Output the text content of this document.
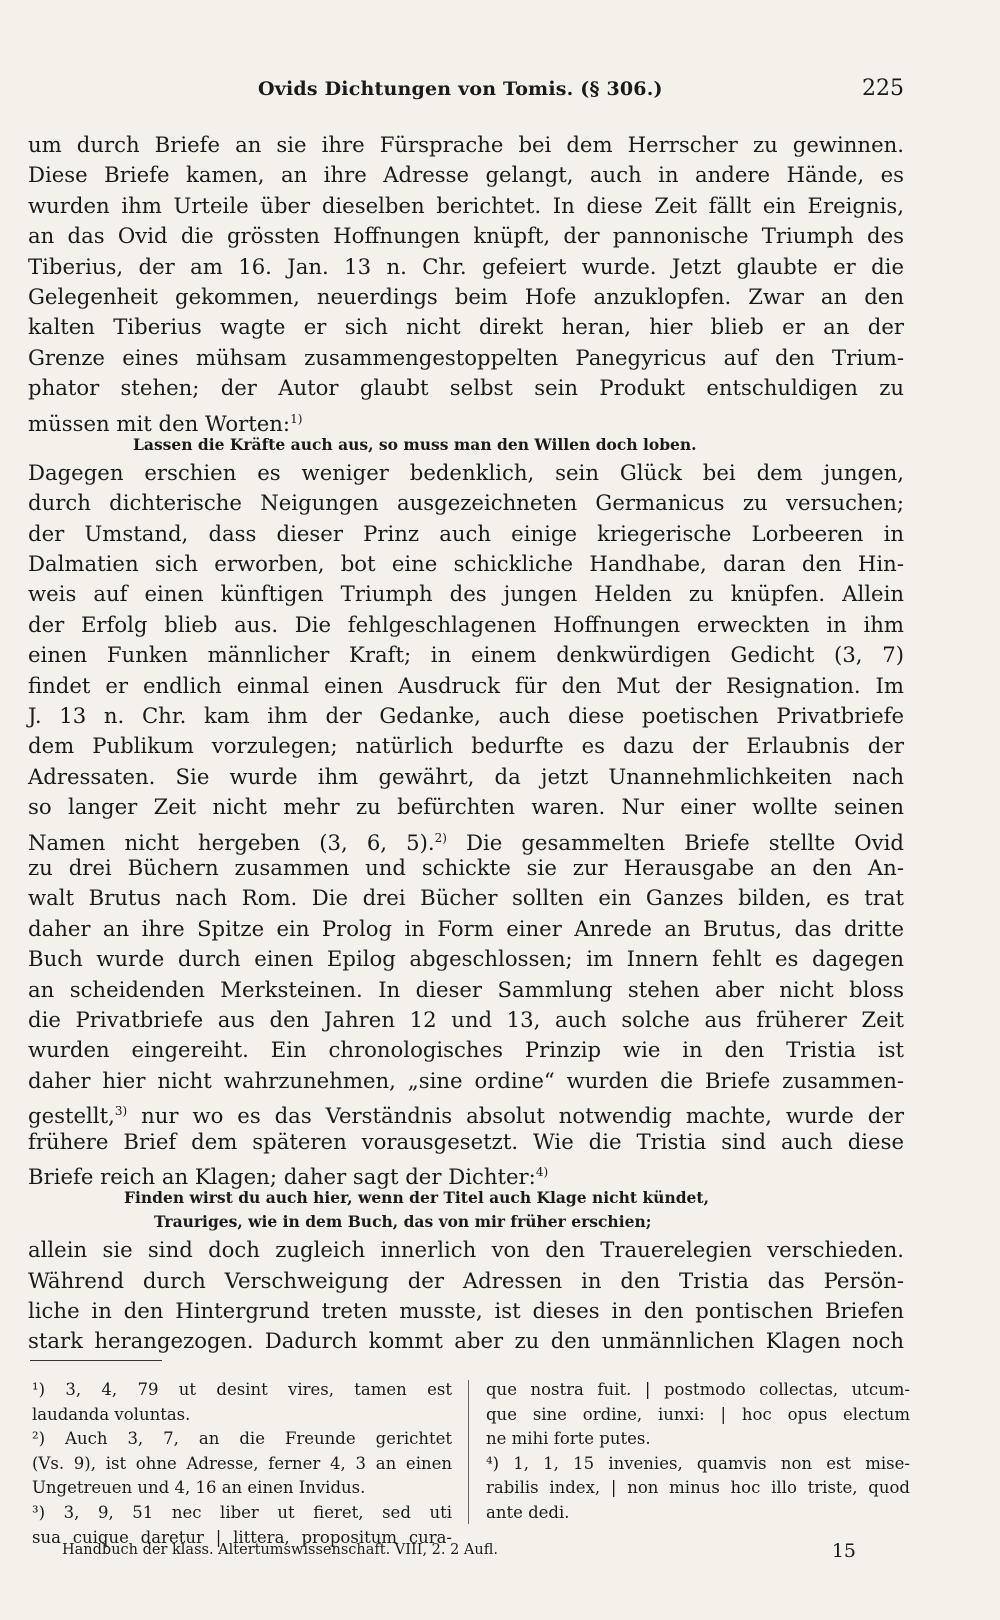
Ovids Dichtungen von Tomis. (§ 306.)	225
um durch Briefe an sie ihre Fürsprache bei dem Herrscher zu gewinnen.
Diese Briefe kamen, an ihre Adresse gelangt, auch in andere Hände, es
wurden ihm Urteile über dieselben berichtet. In diese Zeit fällt ein Ereignis,
an das Ovid die grössten Hoffnungen knüpft, der pannonische Triumph des
Tiberius, der am 16. Jan. 13 n. Chr. gefeiert wurde. Jetzt glaubte er die
Gelegenheit gekommen, neuerdings beim Hofe anzuklopfen. Zwar an den
kalten Tiberius wagte er sich nicht direkt heran, hier blieb er an der
Grenze eines mühsam zusammengestoppelten Panegyricus auf den Trium-
phator stehen; der Autor glaubt selbst sein Produkt entschuldigen zu
müssen mit den Worten:$^{1)}$
Lassen die Kräfte auch aus, so muss man den Willen doch loben.
Dagegen erschien es weniger bedenklich, sein Glück bei dem jungen,
durch dichterische Neigungen ausgezeichneten Germanicus zu versuchen;
der Umstand, dass dieser Prinz auch einige kriegerische Lorbeeren in
Dalmatien sich erworben, bot eine schickliche Handhabe, daran den Hin-
weis auf einen künftigen Triumph des jungen Helden zu knüpfen. Allein
der Erfolg blieb aus. Die fehlgeschlagenen Hoffnungen erweckten in ihm
einen Funken männlicher Kraft; in einem denkwürdigen Gedicht (3, 7)
findet er endlich einmal einen Ausdruck für den Mut der Resignation. Im
J. 13 n. Chr. kam ihm der Gedanke, auch diese poetischen Privatbriefe
dem Publikum vorzulegen; natürlich bedurfte es dazu der Erlaubnis der
Adressaten. Sie wurde ihm gewährt, da jetzt Unannehmlichkeiten nach
so langer Zeit nicht mehr zu befürchten waren. Nur einer wollte seinen
Namen nicht hergeben (3, 6, 5).$^{2)}$ Die gesammelten Briefe stellte Ovid
zu drei Büchern zusammen und schickte sie zur Herausgabe an den An-
walt Brutus nach Rom. Die drei Bücher sollten ein Ganzes bilden, es trat
daher an ihre Spitze ein Prolog in Form einer Anrede an Brutus, das dritte
Buch wurde durch einen Epilog abgeschlossen; im Innern fehlt es dagegen
an scheidenden Merksteinen. In dieser Sammlung stehen aber nicht bloss
die Privatbriefe aus den Jahren 12 und 13, auch solche aus früherer Zeit
wurden eingereiht. Ein chronologisches Prinzip wie in den Tristia ist
daher hier nicht wahrzunehmen, „sine ordine“ wurden die Briefe zusammen-
gestellt,$^{3)}$ nur wo es das Verständnis absolut notwendig machte, wurde der
frühere Brief dem späteren vorausgesetzt. Wie die Tristia sind auch diese
Briefe reich an Klagen; daher sagt der Dichter:$^{4)}$
Finden wirst du auch hier, wenn der Titel auch Klage nicht kündet,
Trauriges, wie in dem Buch, das von mir früher erschien;
allein sie sind doch zugleich innerlich von den Trauerelegien verschieden.
Während durch Verschweigung der Adressen in den Tristia das Persön-
liche in den Hintergrund treten musste, ist dieses in den pontischen Briefen
stark herangezogen. Dadurch kommt aber zu den unmännlichen Klagen noch
¹) 3, 4, 79 ut desint vires, tamen est
laudanda voluntas.
²) Auch 3, 7, an die Freunde gerichtet
(Vs. 9), ist ohne Adresse, ferner 4, 3 an einen
Ungetreuen und 4, 16 an einen Invidus.
³) 3, 9, 51 nec liber ut fieret, sed uti
sua cuique daretur | littera, propositum cura-
que nostra fuit. | postmodo collectas, utcum-
que sine ordine, iunxi: | hoc opus electum
ne mihi forte putes.
⁴) 1, 1, 15 invenies, quamvis non est mise-
rabilis index, | non minus hoc illo triste, quod
ante dedi.
Handbuch der klass. Altertumswissenschaft. VIII, 2. 2 Aufl.	15
